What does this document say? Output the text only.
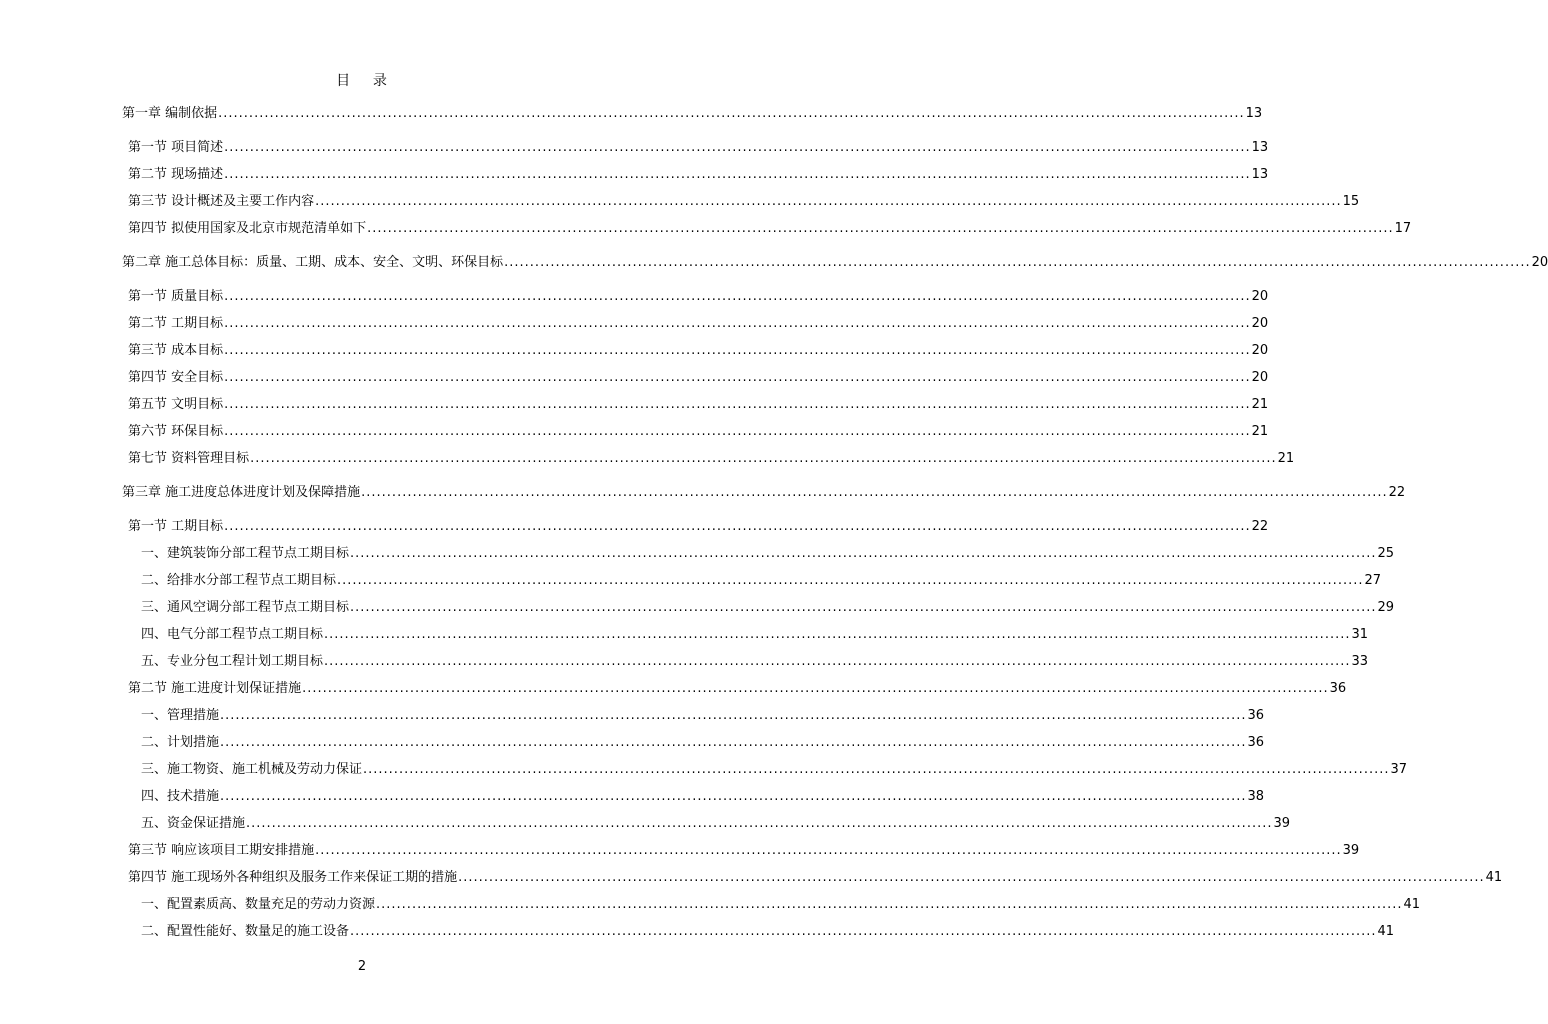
目    录
第一章 编制依据 ........................................................................................................................................................................................................ 13
第一节 项目简述 ........................................................................................................................................................................................................ 13
第二节 现场描述 ........................................................................................................................................................................................................ 13
第三节 设计概述及主要工作内容 ........................................................................................................................................................................................................ 15
第四节 拟使用国家及北京市规范清单如下 ........................................................................................................................................................................................................ 17
第二章 施工总体目标：质量、工期、成本、安全、文明、环保目标 ........................................................................................................................................................................................................ 20
第一节 质量目标 ........................................................................................................................................................................................................ 20
第二节 工期目标 ........................................................................................................................................................................................................ 20
第三节 成本目标 ........................................................................................................................................................................................................ 20
第四节 安全目标 ........................................................................................................................................................................................................ 20
第五节 文明目标 ........................................................................................................................................................................................................ 21
第六节 环保目标 ........................................................................................................................................................................................................ 21
第七节 资料管理目标 ........................................................................................................................................................................................................ 21
第三章 施工进度总体进度计划及保障措施 ........................................................................................................................................................................................................ 22
第一节 工期目标 ........................................................................................................................................................................................................ 22
一、建筑装饰分部工程节点工期目标 ........................................................................................................................................................................................................ 25
二、给排水分部工程节点工期目标 ........................................................................................................................................................................................................ 27
三、通风空调分部工程节点工期目标 ........................................................................................................................................................................................................ 29
四、电气分部工程节点工期目标 ........................................................................................................................................................................................................ 31
五、专业分包工程计划工期目标 ........................................................................................................................................................................................................ 33
第二节 施工进度计划保证措施 ........................................................................................................................................................................................................ 36
一、管理措施 ........................................................................................................................................................................................................ 36
二、计划措施 ........................................................................................................................................................................................................ 36
三、施工物资、施工机械及劳动力保证 ........................................................................................................................................................................................................ 37
四、技术措施 ........................................................................................................................................................................................................ 38
五、资金保证措施 ........................................................................................................................................................................................................ 39
第三节 响应该项目工期安排措施 ........................................................................................................................................................................................................ 39
第四节 施工现场外各种组织及服务工作来保证工期的措施 ........................................................................................................................................................................................................ 41
一、配置素质高、数量充足的劳动力资源 ........................................................................................................................................................................................................ 41
二、配置性能好、数量足的施工设备 ........................................................................................................................................................................................................ 41
2
